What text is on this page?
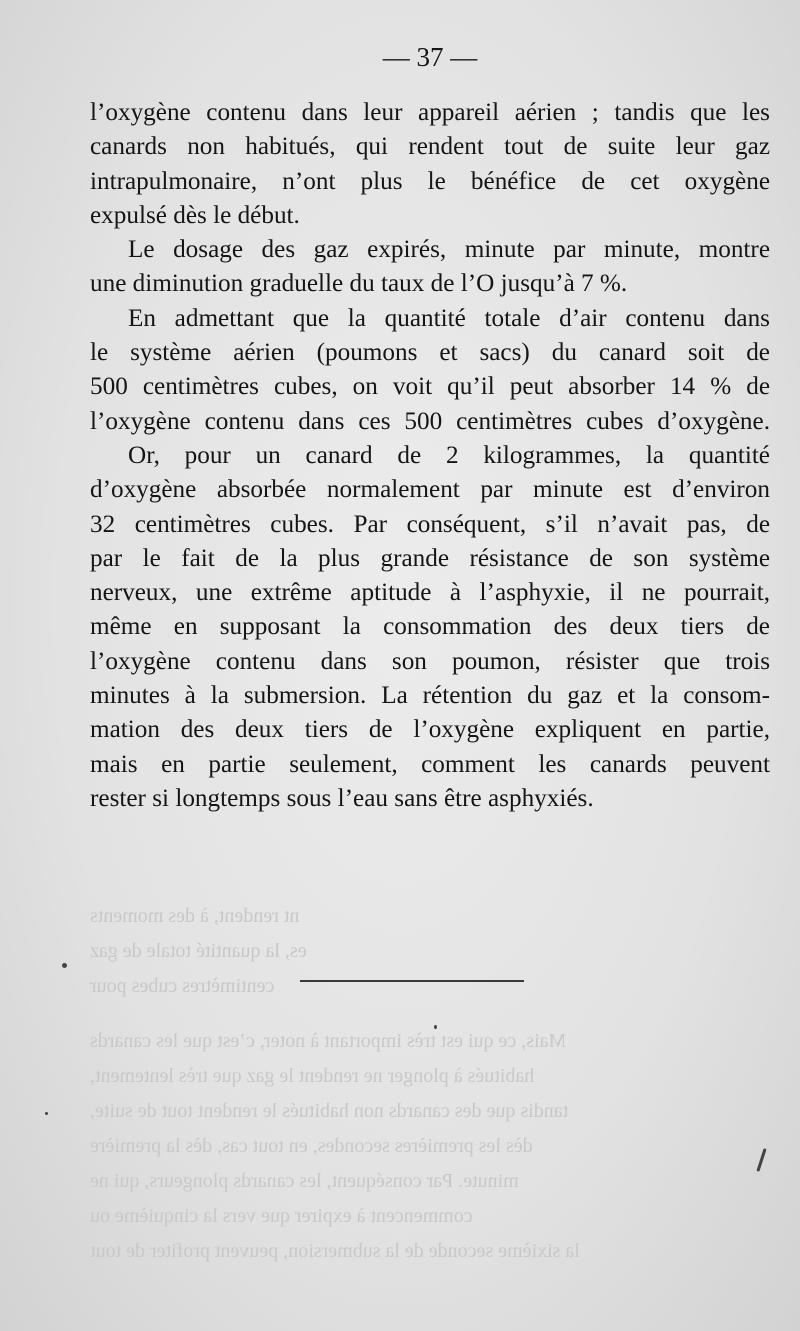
nt rendent, à des moments
es, la quantité totale de gaz
centimètres cubes pour
Mais, ce qui est très important à noter, c’est que les canards
habitués à plonger ne rendent le gaz que très lentement,
tandis que des canards non habitués le rendent tout de suite,
dès les premières secondes, en tout cas, dès la première
minute. Par conséquent, les canards plongeurs, qui ne
commencent à expirer que vers la cinquième ou
la sixième seconde de la submersion, peuvent profiter de tout
— 37 —
l’oxygène contenu dans leur appareil aérien ; tandis que les
canards non habitués, qui rendent tout de suite leur gaz
intrapulmonaire, n’ont plus le bénéfice de cet oxygène
expulsé dès le début.
Le dosage des gaz expirés, minute par minute, montre
une diminution graduelle du taux de l’O jusqu’à 7 %.
En admettant que la quantité totale d’air contenu dans
le système aérien (poumons et sacs) du canard soit de
500 centimètres cubes, on voit qu’il peut absorber 14 % de
l’oxygène contenu dans ces 500 centimètres cubes d’oxygène.
Or, pour un canard de 2 kilogrammes, la quantité
d’oxygène absorbée normalement par minute est d’environ
32 centimètres cubes. Par conséquent, s’il n’avait pas, de
par le fait de la plus grande résistance de son système
nerveux, une extrême aptitude à l’asphyxie, il ne pourrait,
même en supposant la consommation des deux tiers de
l’oxygène contenu dans son poumon, résister que trois
minutes à la submersion. La rétention du gaz et la consom-
mation des deux tiers de l’oxygène expliquent en partie,
mais en partie seulement, comment les canards peuvent
rester si longtemps sous l’eau sans être asphyxiés.
